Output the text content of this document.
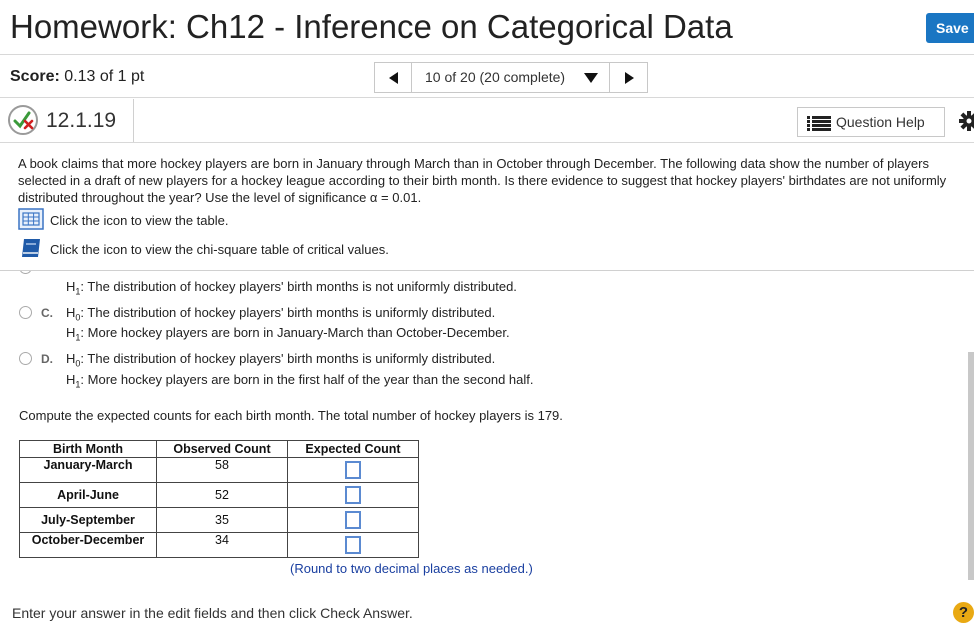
Homework: Ch12 - Inference on Categorical Data	Save
Score: 0.13 of 1 pt	10 of 20 (20 complete)
12.1.19	Question Help
A book claims that more hockey players are born in January through March than in October through December. The following data show the number of players selected in a draft of new players for a hockey league according to their birth month. Is there evidence to suggest that hockey players' birthdates are not uniformly distributed throughout the year? Use the level of significance α = 0.01.
Click the icon to view the table.
Click the icon to view the chi-square table of critical values.
$H_1$: The distribution of hockey players' birth months is not uniformly distributed.
C. $H_0$: The distribution of hockey players' birth months is uniformly distributed.
$H_1$: More hockey players are born in January-March than October-December.
D. $H_0$: The distribution of hockey players' birth months is uniformly distributed.
$H_1$: More hockey players are born in the first half of the year than the second half.
Compute the expected counts for each birth month. The total number of hockey players is 179.
Birth Month	Observed Count	Expected Count
January-March	58	
April-June	52	
July-September	35	
October-December	34	
(Round to two decimal places as needed.)
Enter your answer in the edit fields and then click Check Answer.	?
